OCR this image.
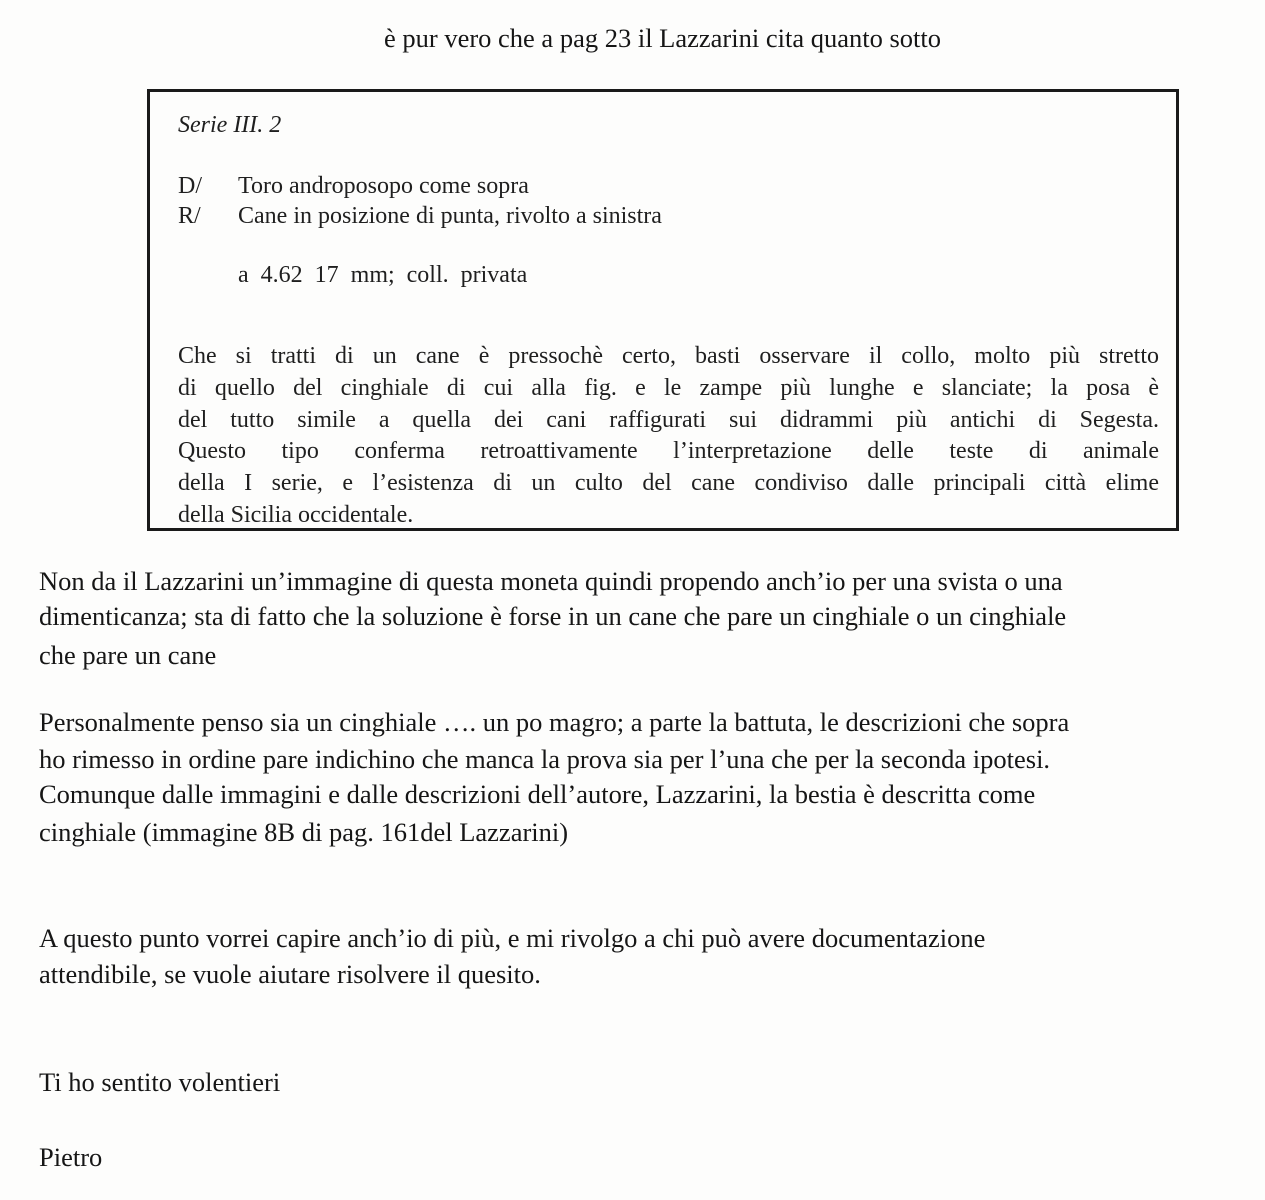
è pur vero che a pag 23 il Lazzarini cita quanto sotto

Serie III. 2

D/ Toro androposopo come sopra

R/ Cane in posizione di punta, rivolto a sinistra

a 4.62 17 mm; coll. privata

Che si tratti di un cane è pressochè certo, basti osservare il collo, molto più stretto
di quello del cinghiale di cui alla fig. e le zampe più lunghe e slanciate; la posa è
del tutto simile a quella dei cani raffigurati sui didrammi più antichi di Segesta.
Questo tipo conferma retroattivamente l’interpretazione delle teste di animale
della I serie, e l’esistenza di un culto del cane condiviso dalle principali città elime
della Sicilia occidentale.

Non da il Lazzarini un’immagine di questa moneta quindi propendo anch’io per una svista o una

dimenticanza; sta di fatto che la soluzione è forse in un cane che pare un cinghiale o un cinghiale

che pare un cane

Personalmente penso sia un cinghiale …. un po magro; a parte la battuta, le descrizioni che sopra

ho rimesso in ordine pare indichino che manca la prova sia per l’una che per la seconda ipotesi.

Comunque dalle immagini e dalle descrizioni dell’autore, Lazzarini, la bestia è descritta come

cinghiale (immagine 8B di pag. 161del Lazzarini)

A questo punto vorrei capire anch’io di più, e mi rivolgo a chi può avere documentazione

attendibile, se vuole aiutare risolvere il quesito.

Ti ho sentito volentieri

Pietro
